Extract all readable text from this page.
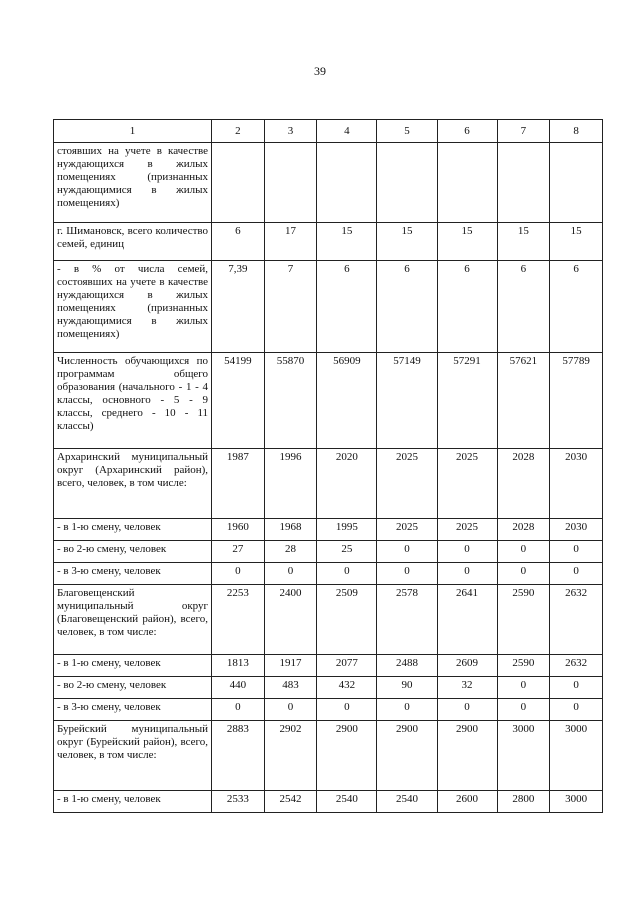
39
1	2	3	4	5	6	7	8
стоявших на учете в качестве нуждающихся в жилых помещениях (признанных нуждающимися в жилых помещениях)							
г. Шимановск, всего количество семей, единиц	6	17	15	15	15	15	15
- в % от числа семей, состоявших на учете в качестве нуждающихся в жилых помещениях (признанных нуждающимися в жилых помещениях)	7,39	7	6	6	6	6	6
Численность обучающихся по программам общего образования (начального - 1 - 4 классы, основного - 5 - 9 классы, среднего - 10 - 11 классы)	54199	55870	56909	57149	57291	57621	57789
Архаринский муниципальный округ (Архаринский район), всего, человек, в том числе:	1987	1996	2020	2025	2025	2028	2030
- в 1-ю смену, человек	1960	1968	1995	2025	2025	2028	2030
- во 2-ю смену, человек	27	28	25	0	0	0	0
- в 3-ю смену, человек	0	0	0	0	0	0	0
Благовещенский муниципальный округ (Благовещенский район), всего, человек, в том числе:	2253	2400	2509	2578	2641	2590	2632
- в 1-ю смену, человек	1813	1917	2077	2488	2609	2590	2632
- во 2-ю смену, человек	440	483	432	90	32	0	0
- в 3-ю смену, человек	0	0	0	0	0	0	0
Бурейский муниципальный округ (Бурейский район), всего, человек, в том числе:	2883	2902	2900	2900	2900	3000	3000
- в 1-ю смену, человек	2533	2542	2540	2540	2600	2800	3000
